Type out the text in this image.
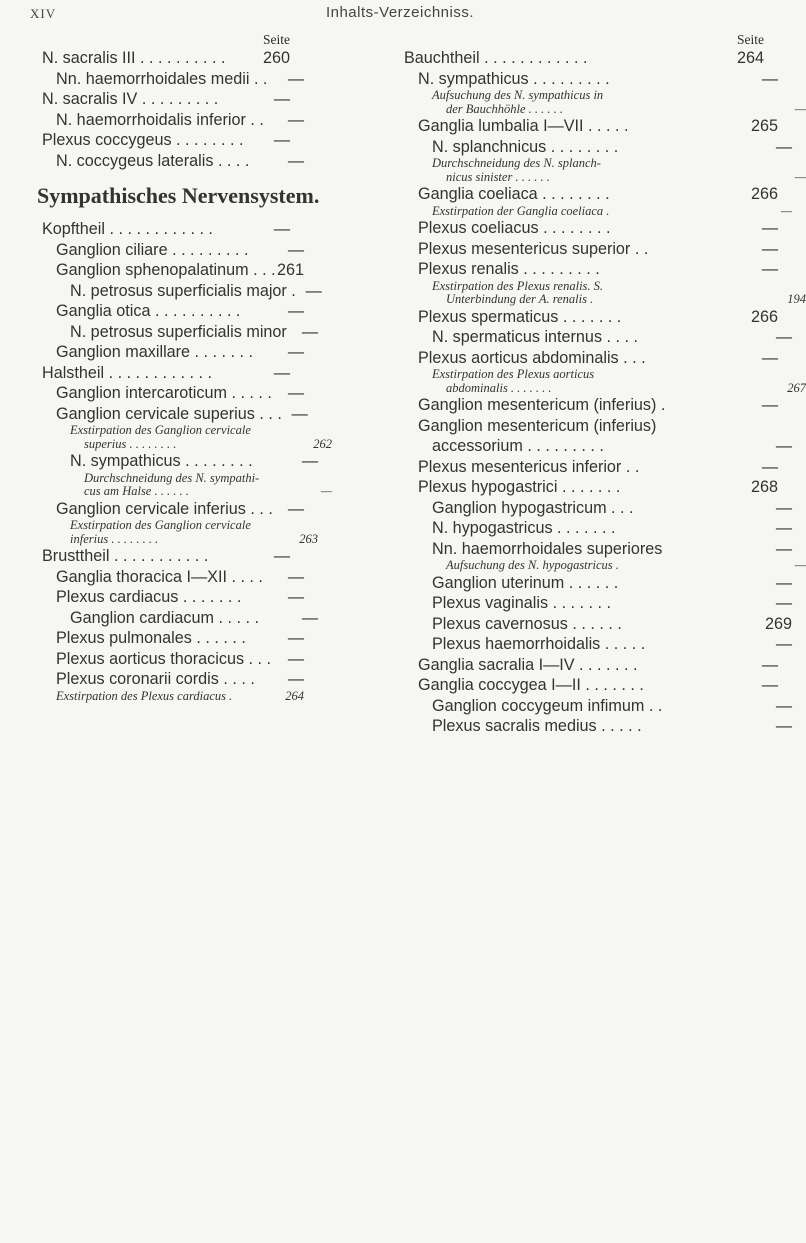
XIV	Inhalts-Verzeichniss.
Seite
N. sacralis III . . . . . . . . . .	260
Nn. haemorrhoidales medii . .	—
N. sacralis IV . . . . . . . . .	—
N. haemorrhoidalis inferior . .	—
Plexus coccygeus . . . . . . . .	—
N. coccygeus lateralis . . . .	—
Sympathisches Nervensystem.
Kopftheil . . . . . . . . . . . .	—
Ganglion ciliare . . . . . . . . .	—
Ganglion sphenopalatinum . . . 261
N. petrosus superficialis major . —
Ganglia otica . . . . . . . . . .	—
N. petrosus superficialis minor —
Ganglion maxillare . . . . . . .	—
Halstheil . . . . . . . . . . . .	—
Ganglion intercaroticum . . . . . —
Ganglion cervicale superius . . . —
Exstirpation des Ganglion cervicale
superius . . . . . . . .	262
N. sympathicus . . . . . . . .	—
Durchschneidung des N. sympathi-
cus am Halse . . . . . .	—
Ganglion cervicale inferius . . . —
Exstirpation des Ganglion cervicale
inferius . . . . . . . .	263
Brusttheil . . . . . . . . . . .	—
Ganglia thoracica I—XII . . . .	—
Plexus cardiacus . . . . . . .	—
Ganglion cardiacum . . . . .	—
Plexus pulmonales . . . . . .	—
Plexus aorticus thoracicus . . .	—
Plexus coronarii cordis . . . .	—
Exstirpation des Plexus cardiacus .	264
Seite
Bauchtheil . . . . . . . . . . . .	264
N. sympathicus . . . . . . . . .	—
Aufsuchung des N. sympathicus in
der Bauchhöhle . . . . . .	—
Ganglia lumbalia I—VII . . . . .	265
N. splanchnicus . . . . . . . .	—
Durchschneidung des N. splanch-
nicus sinister . . . . . .	—
Ganglia coeliaca . . . . . . . .	266
Exstirpation der Ganglia coeliaca .	—
Plexus coeliacus . . . . . . . .	—
Plexus mesentericus superior . .	—
Plexus renalis . . . . . . . . .	—
Exstirpation des Plexus renalis. S.
Unterbindung der A. renalis .	194
Plexus spermaticus . . . . . . .	266
N. spermaticus internus . . . .	—
Plexus aorticus abdominalis . . .	—
Exstirpation des Plexus aorticus
abdominalis . . . . . . .	267
Ganglion mesentericum (inferius) .	—
Ganglion mesentericum (inferius)
accessorium . . . . . . . . .	—
Plexus mesentericus inferior . .	—
Plexus hypogastrici . . . . . . .	268
Ganglion hypogastricum . . .	—
N. hypogastricus . . . . . . .	—
Nn. haemorrhoidales superiores	—
Aufsuchung des N. hypogastricus .	—
Ganglion uterinum . . . . . .	—
Plexus vaginalis . . . . . . .	—
Plexus cavernosus . . . . . .	269
Plexus haemorrhoidalis . . . . .	—
Ganglia sacralia I—IV . . . . . . .	—
Ganglia coccygea I—II . . . . . . .	—
Ganglion coccygeum infimum . .	—
Plexus sacralis medius . . . . .	—
